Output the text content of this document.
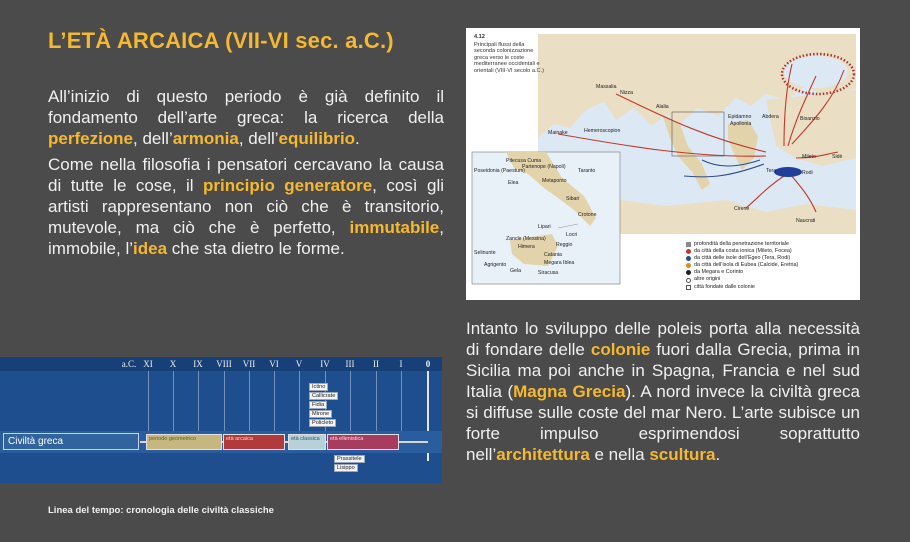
L’ETÀ ARCAICA (VII-VI sec. a.C.)

All’inizio di questo periodo è già definito il fondamento dell’arte greca: la ricerca della perfezione, dell’armonia, dell’equilibrio.

Come nella filosofia i pensatori cercavano la causa di tutte le cose, il principio generatore, così gli artisti rappresentano non ciò che è transitorio, mutevole, ma ciò che è perfetto, immutabile, immobile, l’idea che sta dietro le forme.

4.12
Principali flussi della seconda colonizzazione greca verso le coste mediterranee occidentali e orientali (VIII-VI secolo a.C.)
Massalia
Nizza
Alalia
Mainake	Hemeroscopion
Epidamno
Apollonia
Abdera	Bisanzio
Mileto
Tera	Rodi
Sidè
Cirene
Naucrati
Poseidonia (Paestum)
Partenope (Napoli)
Pitecusa Cuma
Taranto
Metaponto
Elea
Sibari
Crotone
Lipari
Locri
Reggio
Zancle (Messina)
Himera
Selinunte	Catania
Megara Iblea
Agrigento
Gela	Siracusa
profondità della penetrazione territoriale
da città della costa ionica (Mileto, Focea)
da città delle isole dell’Egeo (Tera, Rodi)
da città dell’isola di Eubea (Calcide, Eretria)
da Megara e Corinto
altre origini
città fondate dalle colonie

Intanto lo sviluppo delle poleis porta alla necessità di fondare delle colonie fuori dalla Grecia, prima in Sicilia ma poi anche in Spagna, Francia e nel sud Italia (Magna Grecia). A nord invece la civiltà greca si diffuse sulle coste del mar Nero. L’arte subisce un forte impulso esprimendosi soprattutto nell’architettura e nella scultura.

a.C. XI X IX VIII VII VI V IV III II I	0
Civiltà greca	periodo geometrico	età arcaica	età classica	età ellenistica
Ictino
Callicrate
Fidia
Mirone
Policleto
Prassitele
Lisippo
Linea del tempo: cronologia delle civiltà classiche
